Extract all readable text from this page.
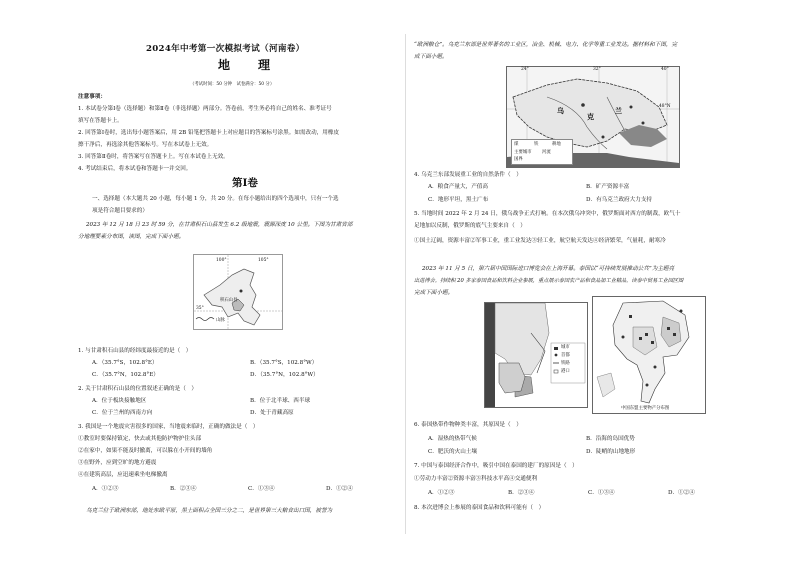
2024年中考第一次模拟考试（河南卷）
地　理
（考试时间：50 分钟　试卷满分：50 分）
注意事项：
1. 本试卷分第Ⅰ卷（选择题）和第Ⅱ卷（非选择题）两部分。答卷前，考生务必将自己的姓名、准考证号
填写在答题卡上。
2. 回答第Ⅰ卷时，选出每小题答案后，用 2B 铅笔把答题卡上对应题目的答案标号涂黑。如需改动，用橡皮
擦干净后，再选涂其他答案标号。写在本试卷上无效。
3. 回答第Ⅱ卷时，将答案写在答题卡上。写在本试卷上无效。
4. 考试结束后，将本试卷和答题卡一并交回。
第Ⅰ卷
一、选择题（本大题共 20 小题，每小题 1 分，共 20 分。在每小题给出的四个选项中，只有一个选
项是符合题目要求的）
2023 年 12 月 18 日 23 时 59 分，在甘肃积石山县发生 6.2 级地震，震源深度 10 公里。下图为甘肃省部
分地理要素分布图，读图，完成下面小题。
100°	105°
35°
积石山县
山脉
1. 与甘肃积石山县的经纬度最接近的是（　）
A．（35.7°S，102.8°E）	B．（35.7°S，102.8°W）
C．（35.7°N，102.8°E）	D．（35.7°N，102.8°W）
2. 关于甘肃积石山县的位置叙述正确的是（　）
A．位于板块接触地区	B．位于北半球、西半球
C．位于兰州的西南方向	D．处于青藏高原
3. 我国是一个地震灾害很多的国家，当地震来临时，正确的做法是（　）
①教室时要保持镇定，快去或其他防护物护住头部
②在家中，如果不能及时撤离，可以躲在小开间的墙角
③在野外，应到空旷的地方避震
④在建筑高层，应迅速乘坐电梯撤离
A．①②③	B．②③④	C．①③④	D．①②④
乌克兰位于欧洲东部，地处东欧平原，黑土面积占全国三分之二，是世界第三大粮食出口国，被誉为
“欧洲粮仓”。乌克兰东部是世界著名的工业区，冶金、机械、电力、化学等重工业发达。据材料和下图，完
成下面小题。
24°	32°	40°
48°N
乌
克
兰
煤	铁	耕地
主要城市 河流
国界
4. 乌克兰东部发展重工业的自然条件（　）
A．粮食产量大，产值高	B．矿产资源丰富
C．地形平坦，黑土广布	D．有乌克兰政府大力支持
5. 当地时间 2022 年 2 月 24 日，俄乌战争正式打响。在本次俄乌冲突中，俄罗斯面对西方的制裁，欧气十
足地加以反制，俄罗斯的底气主要来自（　）
①国土辽阔，资源丰富②军事工业，重工业发达③轻工业，航空航天发达④经济繁荣，气量耗，耐寒冷
2023 年 11 月 5 日，第六届中国国际进口博览会在上海开幕。泰国以“可持续发展推动公共”为主题亮
出进博会。持续积 20 多家泰国食品和饮料企业参展，重点展示泰国农产品和食品加工业精品。读泰中贸易工业园区图
完成下面小题。
城市
首都
铁路
港口
中国东盟主要物产分布图
6. 泰国热带作物种类丰富，其原因是（　）
A．湿热的热带气候	B．沿海的岛国优势
C．肥沃的火山土壤	D．陡峭的山地地形
7. 中国与泰国经济合作中，吸引中国在泰国的建厂的原因是（　）
①劳动力丰富②资源丰富③科技水平高④交通便利
A．①②③	B．②③④	C．①③④	D．①②④
8. 本次进博会上参展的泰国食品和饮料可能有（　）
